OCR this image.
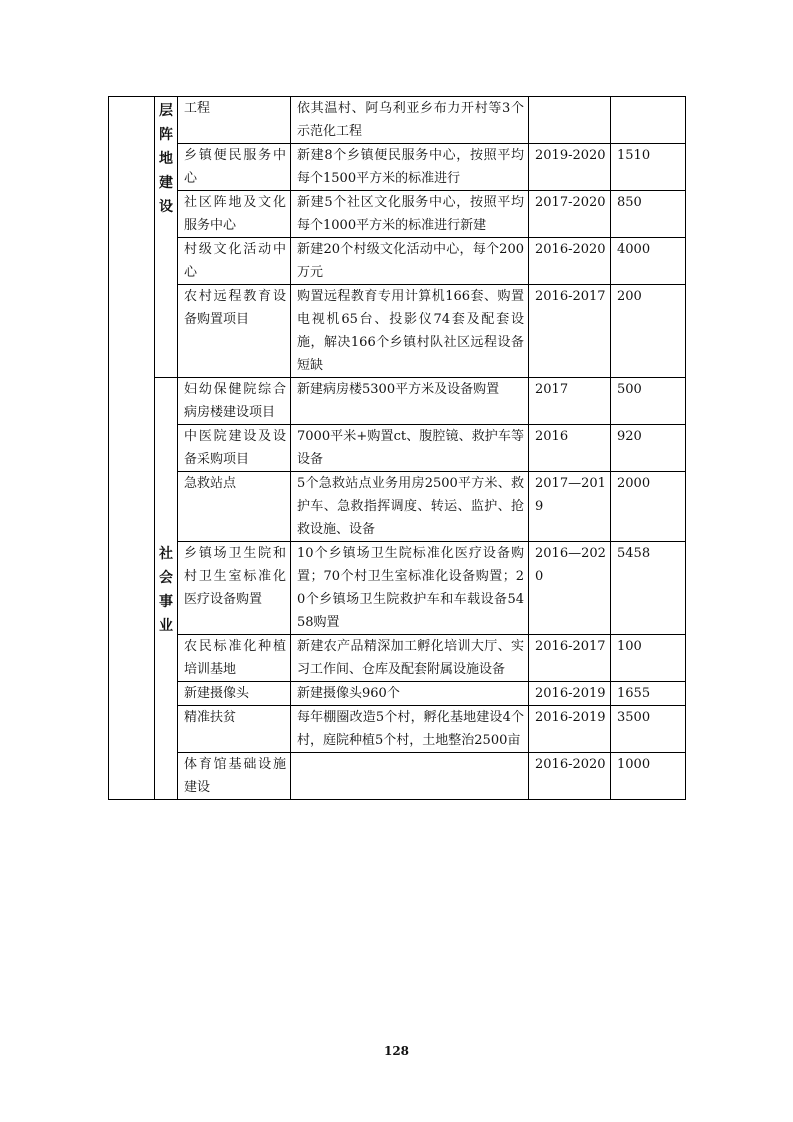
	层阵地建设	工程	依其温村、阿乌利亚乡布力开村等3个示范化工程		
		乡镇便民服务中心	新建8个乡镇便民服务中心，按照平均每个1500平方米的标准进行	2019-2020	1510
		社区阵地及文化服务中心	新建5个社区文化服务中心，按照平均每个1000平方米的标准进行新建	2017-2020	850
		村级文化活动中心	新建20个村级文化活动中心，每个200万元	2016-2020	4000
		农村远程教育设备购置项目	购置远程教育专用计算机166套、购置电视机65台、投影仪74套及配套设施，解决166个乡镇村队社区远程设备短缺	2016-2017	200
	社会事业	妇幼保健院综合病房楼建设项目	新建病房楼5300平方米及设备购置	2017	500
		中医院建设及设备采购项目	7000平米+购置ct、腹腔镜、救护车等设备	2016	920
		急救站点	5个急救站点业务用房2500平方米、救护车、急救指挥调度、转运、监护、抢救设施、设备	2017—2019	2000
		乡镇场卫生院和村卫生室标准化医疗设备购置	10个乡镇场卫生院标准化医疗设备购置；70个村卫生室标准化设备购置；20个乡镇场卫生院救护车和车载设备5458购置	2016—2020	5458
		农民标准化种植培训基地	新建农产品精深加工孵化培训大厅、实习工作间、仓库及配套附属设施设备	2016-2017	100
		新建摄像头	新建摄像头960个	2016-2019	1655
		精准扶贫	每年棚圈改造5个村，孵化基地建设4个村，庭院种植5个村，土地整治2500亩	2016-2019	3500
		体育馆基础设施建设		2016-2020	1000
128
